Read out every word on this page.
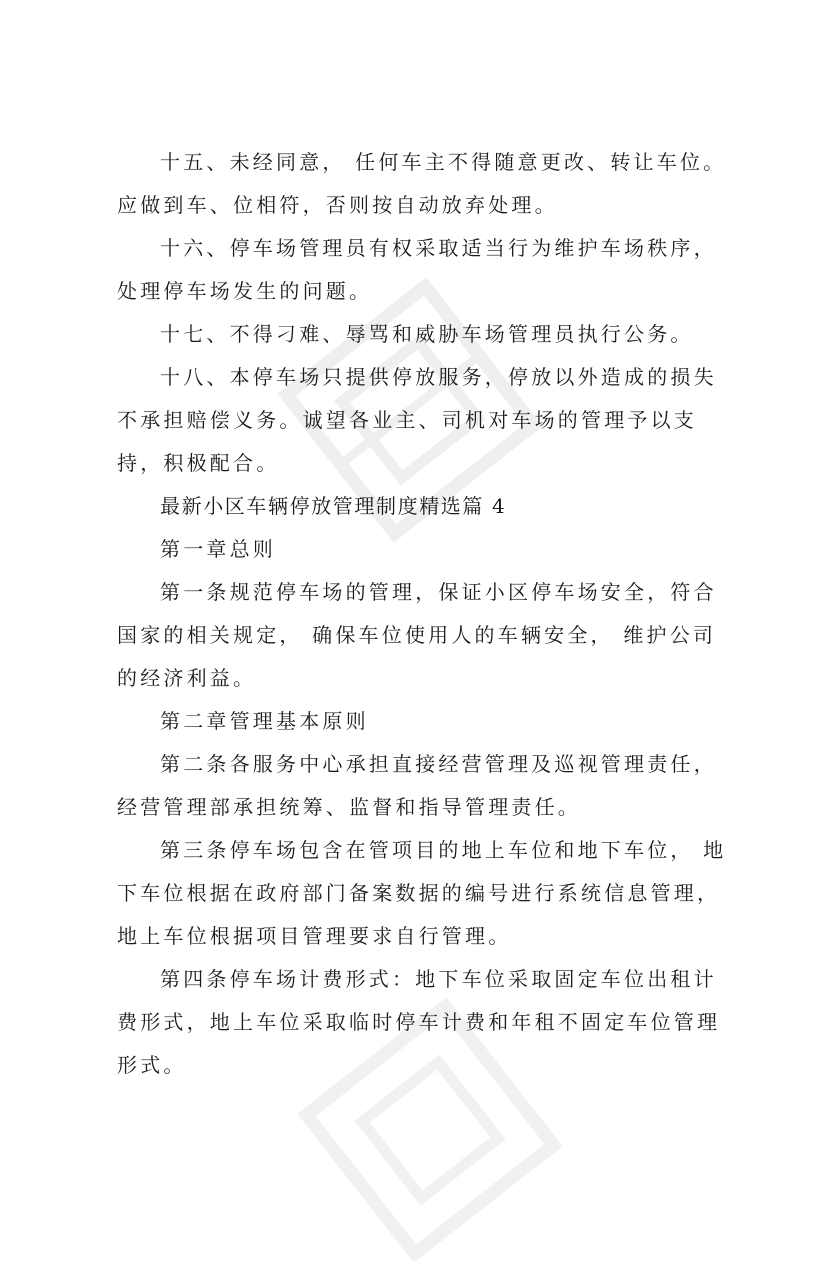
十五、未经同意， 任何车主不得随意更改、转让车位。应做到车、位相符，否则按自动放弃处理。

十六、停车场管理员有权采取适当行为维护车场秩序，处理停车场发生的问题。

十七、不得刁难、辱骂和威胁车场管理员执行公务。

十八、本停车场只提供停放服务，停放以外造成的损失不承担赔偿义务。诚望各业主、司机对车场的管理予以支持，积极配合。

最新小区车辆停放管理制度精选篇 4

第一章总则

第一条规范停车场的管理，保证小区停车场安全，符合国家的相关规定， 确保车位使用人的车辆安全， 维护公司的经济利益。

第二章管理基本原则

第二条各服务中心承担直接经营管理及巡视管理责任，经营管理部承担统筹、监督和指导管理责任。

第三条停车场包含在管项目的地上车位和地下车位， 地下车位根据在政府部门备案数据的编号进行系统信息管理， 地上车位根据项目管理要求自行管理。

第四条停车场计费形式：地下车位采取固定车位出租计费形式，地上车位采取临时停车计费和年租不固定车位管理形式。
